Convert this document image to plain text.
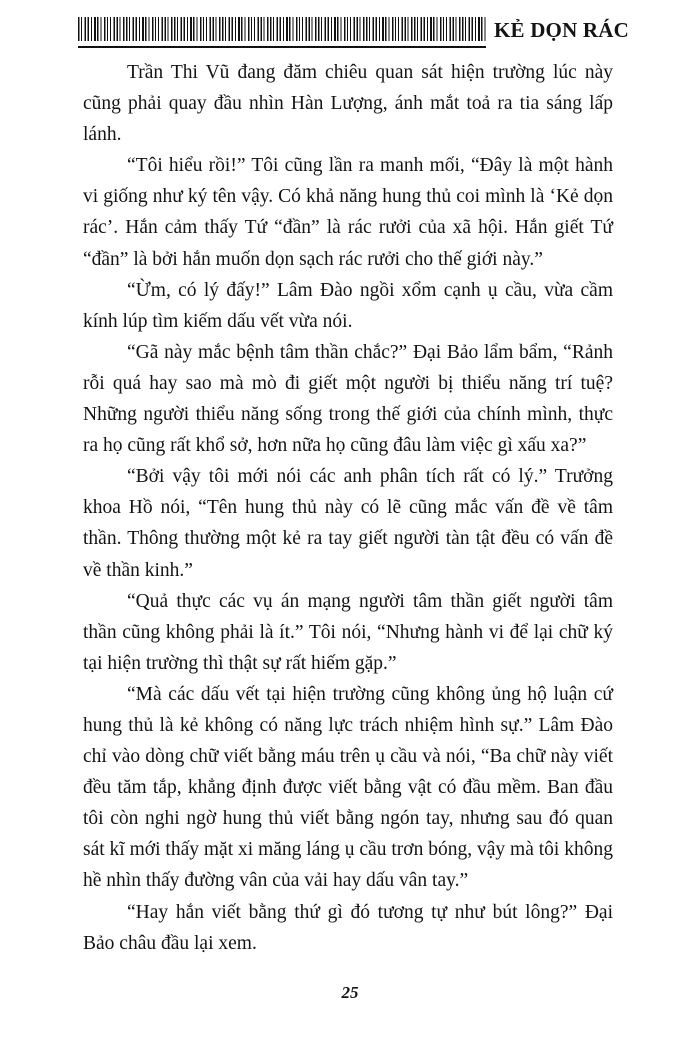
KẺ DỌN RÁC

Trần Thi Vũ đang đăm chiêu quan sát hiện trường lúc này cũng phải quay đầu nhìn Hàn Lượng, ánh mắt toả ra tia sáng lấp lánh.

“Tôi hiểu rồi!” Tôi cũng lần ra manh mối, “Đây là một hành vi giống như ký tên vậy. Có khả năng hung thủ coi mình là ‘Kẻ dọn rác’. Hắn cảm thấy Tứ “đần” là rác rưởi của xã hội. Hắn giết Tứ “đần” là bởi hắn muốn dọn sạch rác rưởi cho thế giới này.”

“Ừm, có lý đấy!” Lâm Đào ngồi xổm cạnh ụ cầu, vừa cầm kính lúp tìm kiếm dấu vết vừa nói.

“Gã này mắc bệnh tâm thần chắc?” Đại Bảo lẩm bẩm, “Rảnh rỗi quá hay sao mà mò đi giết một người bị thiểu năng trí tuệ? Những người thiểu năng sống trong thế giới của chính mình, thực ra họ cũng rất khổ sở, hơn nữa họ cũng đâu làm việc gì xấu xa?”

“Bởi vậy tôi mới nói các anh phân tích rất có lý.” Trưởng khoa Hồ nói, “Tên hung thủ này có lẽ cũng mắc vấn đề về tâm thần. Thông thường một kẻ ra tay giết người tàn tật đều có vấn đề về thần kinh.”

“Quả thực các vụ án mạng người tâm thần giết người tâm thần cũng không phải là ít.” Tôi nói, “Nhưng hành vi để lại chữ ký tại hiện trường thì thật sự rất hiếm gặp.”

“Mà các dấu vết tại hiện trường cũng không ủng hộ luận cứ hung thủ là kẻ không có năng lực trách nhiệm hình sự.” Lâm Đào chỉ vào dòng chữ viết bằng máu trên ụ cầu và nói, “Ba chữ này viết đều tăm tắp, khẳng định được viết bằng vật có đầu mềm. Ban đầu tôi còn nghi ngờ hung thủ viết bằng ngón tay, nhưng sau đó quan sát kĩ mới thấy mặt xi măng láng ụ cầu trơn bóng, vậy mà tôi không hề nhìn thấy đường vân của vải hay dấu vân tay.”

“Hay hắn viết bằng thứ gì đó tương tự như bút lông?” Đại Bảo châu đầu lại xem.

25
